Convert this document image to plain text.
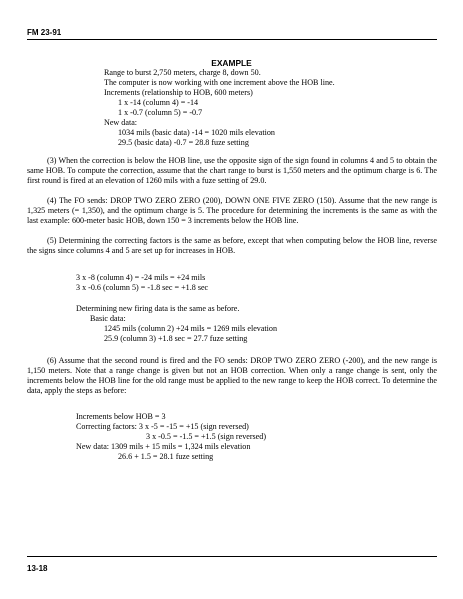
FM 23-91
EXAMPLE
Range to burst 2,750 meters, charge 8, down 50.
The computer is now working with one increment above the HOB line.
Increments (relationship to HOB, 600 meters)
1 x -14 (column 4) = -14
1 x -0.7 (column 5) = -0.7
New data:
1034 mils (basic data) -14 = 1020 mils elevation
29.5 (basic data) -0.7 = 28.8 fuze setting
(3) When the correction is below the HOB line, use the opposite sign of the sign found in columns 4 and 5 to obtain the same HOB. To compute the correction, assume that the chart range to burst is 1,550 meters and the optimum charge is 6. The first round is fired at an elevation of 1260 mils with a fuze setting of 29.0.
(4) The FO sends: DROP TWO ZERO ZERO (200), DOWN ONE FIVE ZERO (150). Assume that the new range is 1,325 meters (= 1,350), and the optimum charge is 5. The procedure for determining the increments is the same as with the last example: 600-meter basic HOB, down 150 = 3 increments below the HOB line.
(5) Determining the correcting factors is the same as before, except that when computing below the HOB line, reverse the signs since columns 4 and 5 are set up for increases in HOB.
3 x -8 (column 4) = -24 mils = +24 mils
3 x -0.6 (column 5) = -1.8 sec = +1.8 sec
Determining new firing data is the same as before.
Basic data:
1245 mils (column 2) +24 mils = 1269 mils elevation
25.9 (column 3) +1.8 sec = 27.7 fuze setting
(6) Assume that the second round is fired and the FO sends: DROP TWO ZERO ZERO (-200), and the new range is 1,150 meters. Note that a range change is given but not an HOB correction. When only a range change is sent, only the increments below the HOB line for the old range must be applied to the new range to keep the HOB correct. To determine the data, apply the steps as before:
Increments below HOB = 3
Correcting factors: 3 x -5 = -15 = +15 (sign reversed)
3 x -0.5 = -1.5 = +1.5 (sign reversed)
New data: 1309 mils + 15 mils = 1,324 mils elevation
26.6 + 1.5 = 28.1 fuze setting
13-18
